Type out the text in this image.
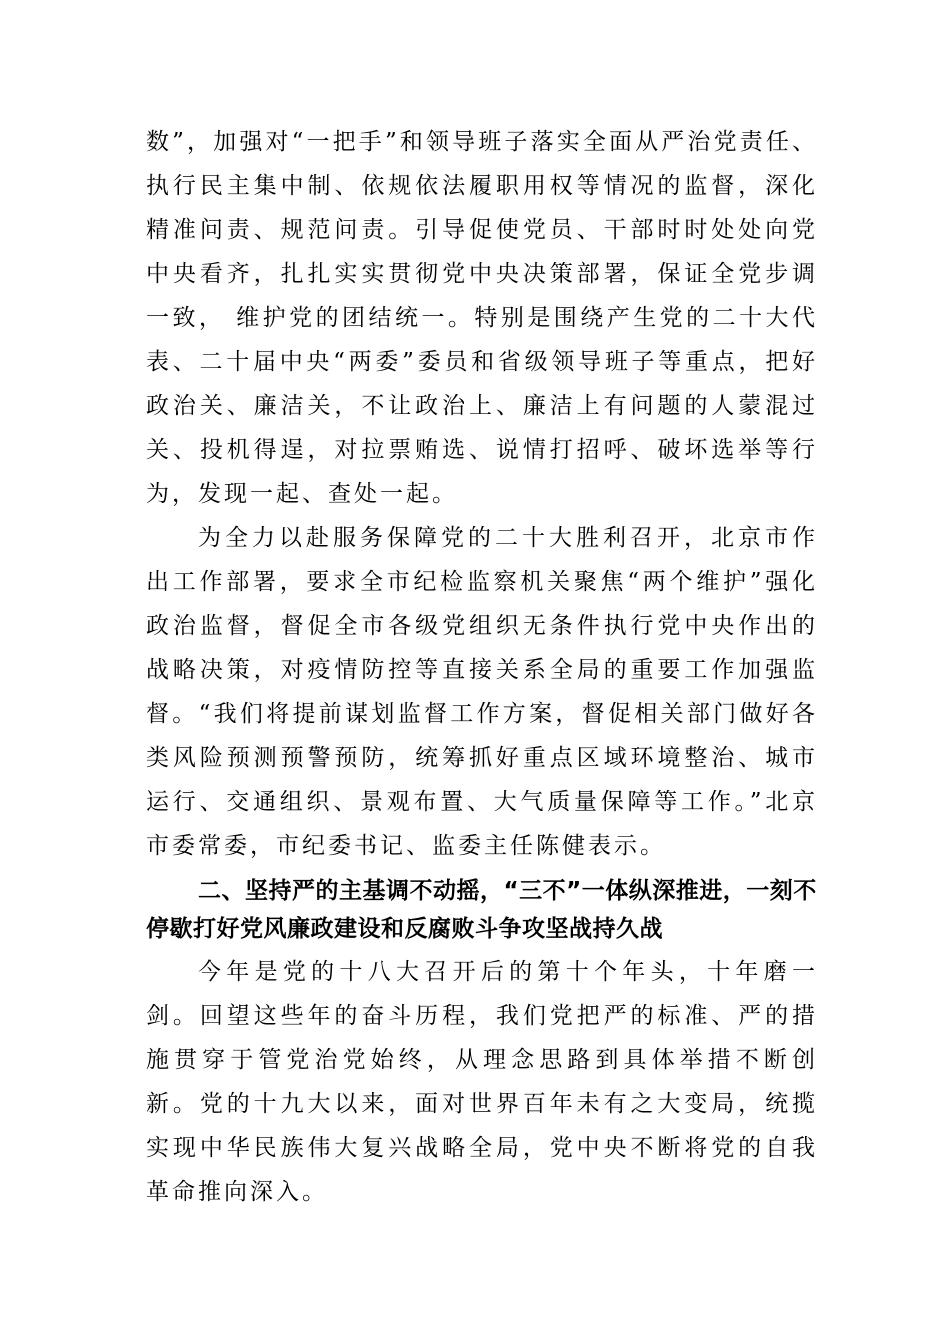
数”，加强对“一把手”和领导班子落实全面从严治党责任、执行民主集中制、依规依法履职用权等情况的监督，深化精准问责、规范问责。引导促使党员、干部时时处处向党中央看齐，扎扎实实贯彻党中央决策部署，保证全党步调一致， 维护党的团结统一。特别是围绕产生党的二十大代表、二十届中央“两委”委员和省级领导班子等重点，把好政治关、廉洁关，不让政治上、廉洁上有问题的人蒙混过关、投机得逞，对拉票贿选、说情打招呼、破坏选举等行为，发现一起、查处一起。

为全力以赴服务保障党的二十大胜利召开，北京市作出工作部署，要求全市纪检监察机关聚焦“两个维护”强化政治监督，督促全市各级党组织无条件执行党中央作出的战略决策，对疫情防控等直接关系全局的重要工作加强监督。“我们将提前谋划监督工作方案，督促相关部门做好各类风险预测预警预防，统筹抓好重点区域环境整治、城市运行、交通组织、景观布置、大气质量保障等工作。”北京市委常委，市纪委书记、监委主任陈健表示。

二、坚持严的主基调不动摇，“三不”一体纵深推进，一刻不停歇打好党风廉政建设和反腐败斗争攻坚战持久战

今年是党的十八大召开后的第十个年头，十年磨一剑。回望这些年的奋斗历程，我们党把严的标准、严的措施贯穿于管党治党始终，从理念思路到具体举措不断创新。党的十九大以来，面对世界百年未有之大变局，统揽实现中华民族伟大复兴战略全局，党中央不断将党的自我革命推向深入。
